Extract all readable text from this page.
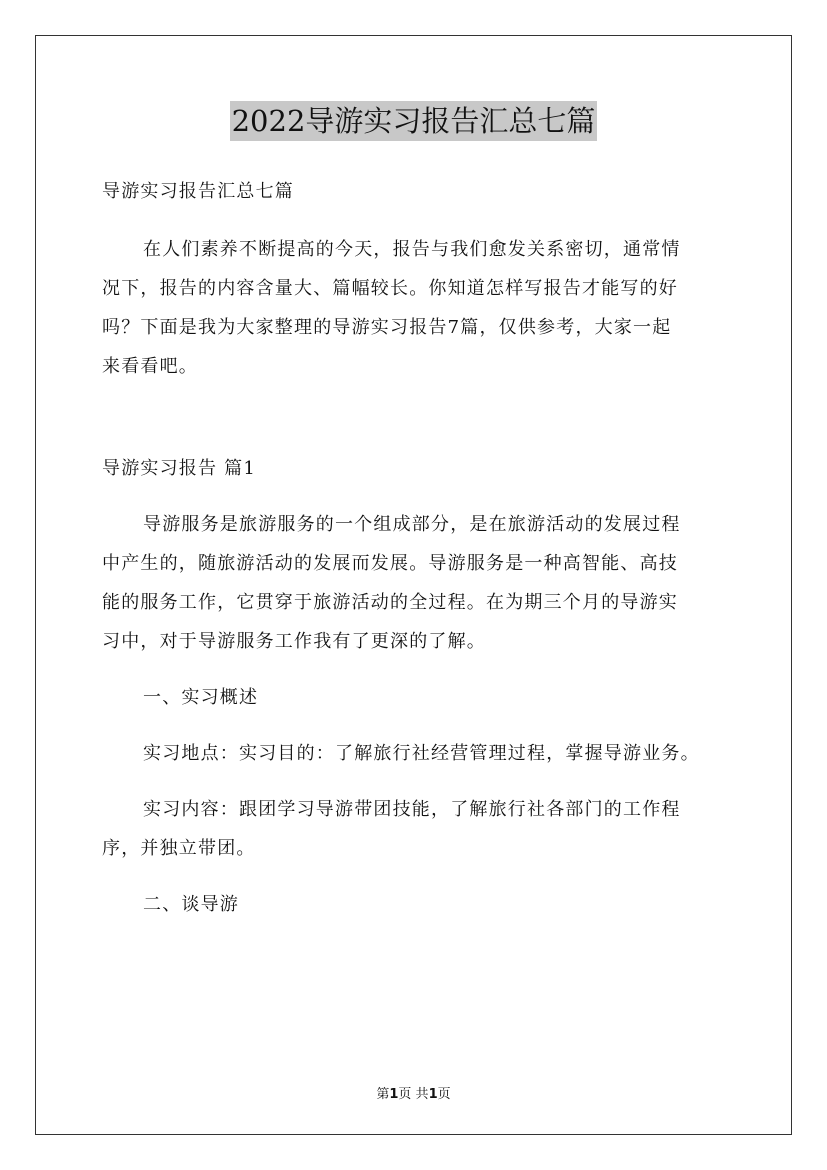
2022导游实习报告汇总七篇
导游实习报告汇总七篇
在人们素养不断提高的今天，报告与我们愈发关系密切，通常情
况下，报告的内容含量大、篇幅较长。你知道怎样写报告才能写的好
吗？下面是我为大家整理的导游实习报告7篇，仅供参考，大家一起
来看看吧。
导游实习报告 篇1
导游服务是旅游服务的一个组成部分，是在旅游活动的发展过程
中产生的，随旅游活动的发展而发展。导游服务是一种高智能、高技
能的服务工作，它贯穿于旅游活动的全过程。在为期三个月的导游实
习中，对于导游服务工作我有了更深的了解。
一、实习概述
实习地点：实习目的：了解旅行社经营管理过程，掌握导游业务。
实习内容：跟团学习导游带团技能，了解旅行社各部门的工作程
序，并独立带团。
二、谈导游
第1页 共1页
